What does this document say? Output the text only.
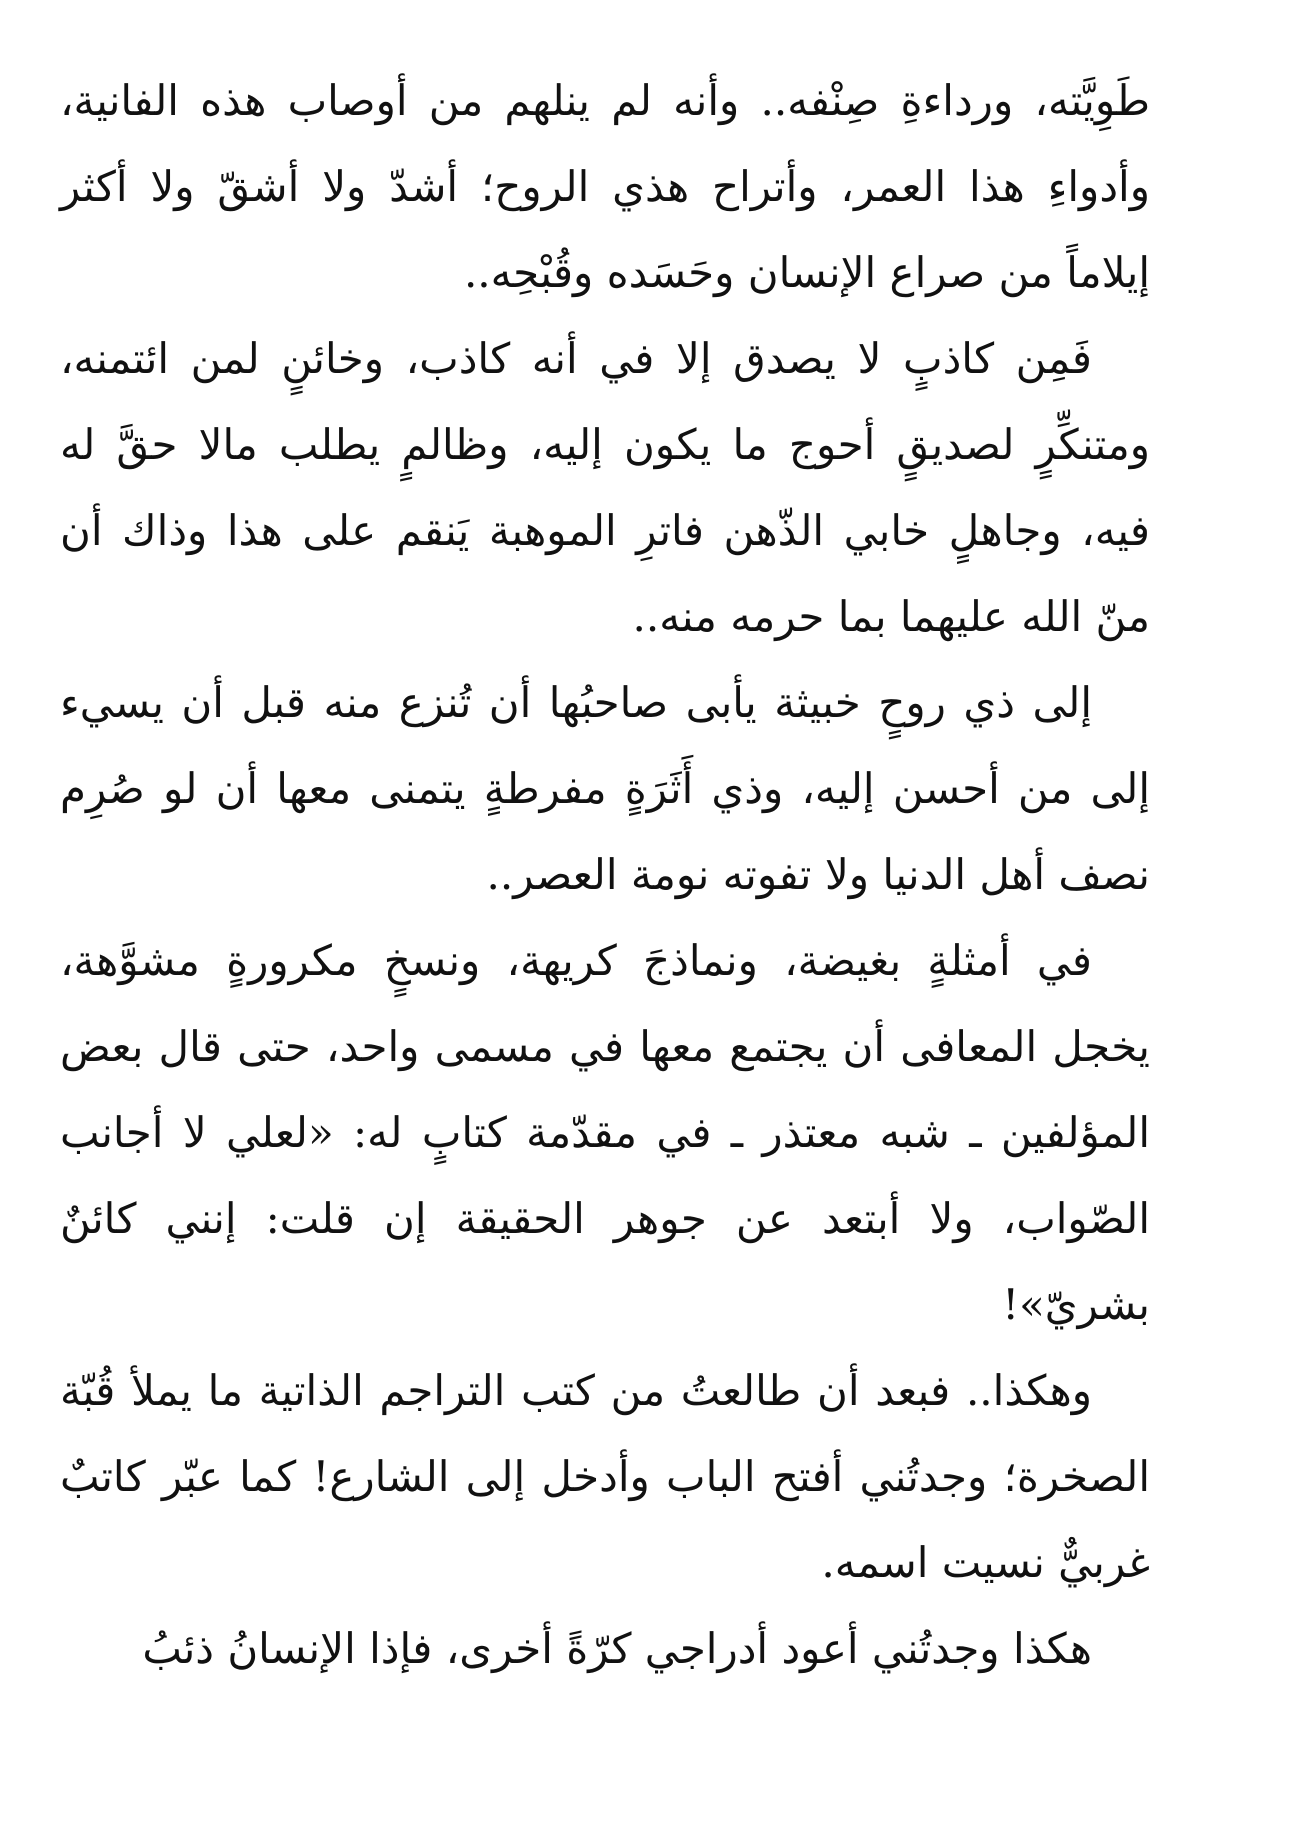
طَوِيَّته، ورداءةِ صِنْفه.. وأنه لم ينلهم من أوصاب هذه الفانية، وأدواءِ هذا العمر، وأتراح هذي الروح؛ أشدّ ولا أشقّ ولا أكثر إيلاماً من صراع الإنسان وحَسَده وقُبْحِه..

فَمِن كاذبٍ لا يصدق إلا في أنه كاذب، وخائنٍ لمن ائتمنه، ومتنكِّرٍ لصديقٍ أحوج ما يكون إليه، وظالمٍ يطلب مالا حقَّ له فيه، وجاهلٍ خابي الذّهن فاترِ الموهبة يَنقم على هذا وذاك أن منّ الله عليهما بما حرمه منه..

إلى ذي روحٍ خبيثة يأبى صاحبُها أن تُنزع منه قبل أن يسيء إلى من أحسن إليه، وذي أَثَرَةٍ مفرطةٍ يتمنى معها أن لو صُرِم نصف أهل الدنيا ولا تفوته نومة العصر..

في أمثلةٍ بغيضة، ونماذجَ كريهة، ونسخٍ مكرورةٍ مشوَّهة، يخجل المعافى أن يجتمع معها في مسمى واحد، حتى قال بعض المؤلفين ـ شبه معتذر ـ في مقدّمة كتابٍ له: «لعلي لا أجانب الصّواب، ولا أبتعد عن جوهر الحقيقة إن قلت: إنني كائنٌ بشريّ»!

وهكذا.. فبعد أن طالعتُ من كتب التراجم الذاتية ما يملأ قُبّة الصخرة؛ وجدتُني أفتح الباب وأدخل إلى الشارع! كما عبّر كاتبٌ غربيٌّ نسيت اسمه.

هكذا وجدتُني أعود أدراجي كرّةً أخرى، فإذا الإنسانُ ذئبُ
